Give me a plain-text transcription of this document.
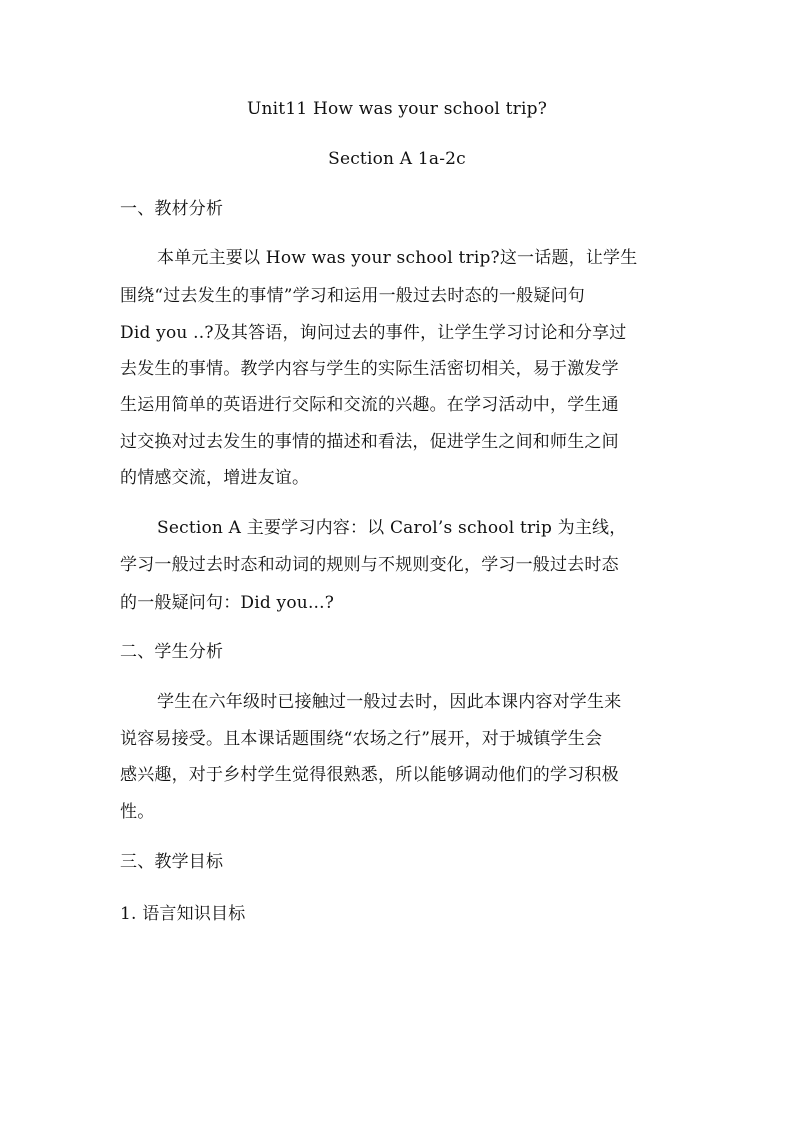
Unit11 How was your school trip?
Section A 1a-2c
一、教材分析
本单元主要以 How was your school trip?这一话题，让学生
围绕“过去发生的事情”学习和运用一般过去时态的一般疑问句
Did you ..?及其答语，询问过去的事件，让学生学习讨论和分享过
去发生的事情。教学内容与学生的实际生活密切相关，易于激发学
生运用简单的英语进行交际和交流的兴趣。在学习活动中，学生通
过交换对过去发生的事情的描述和看法，促进学生之间和师生之间
的情感交流，增进友谊。
Section A 主要学习内容：以 Carol’s school trip 为主线，
学习一般过去时态和动词的规则与不规则变化，学习一般过去时态
的一般疑问句：Did you...?
二、学生分析
学生在六年级时已接触过一般过去时，因此本课内容对学生来
说容易接受。且本课话题围绕“农场之行”展开，对于城镇学生会
感兴趣，对于乡村学生觉得很熟悉，所以能够调动他们的学习积极
性。
三、教学目标
1. 语言知识目标
